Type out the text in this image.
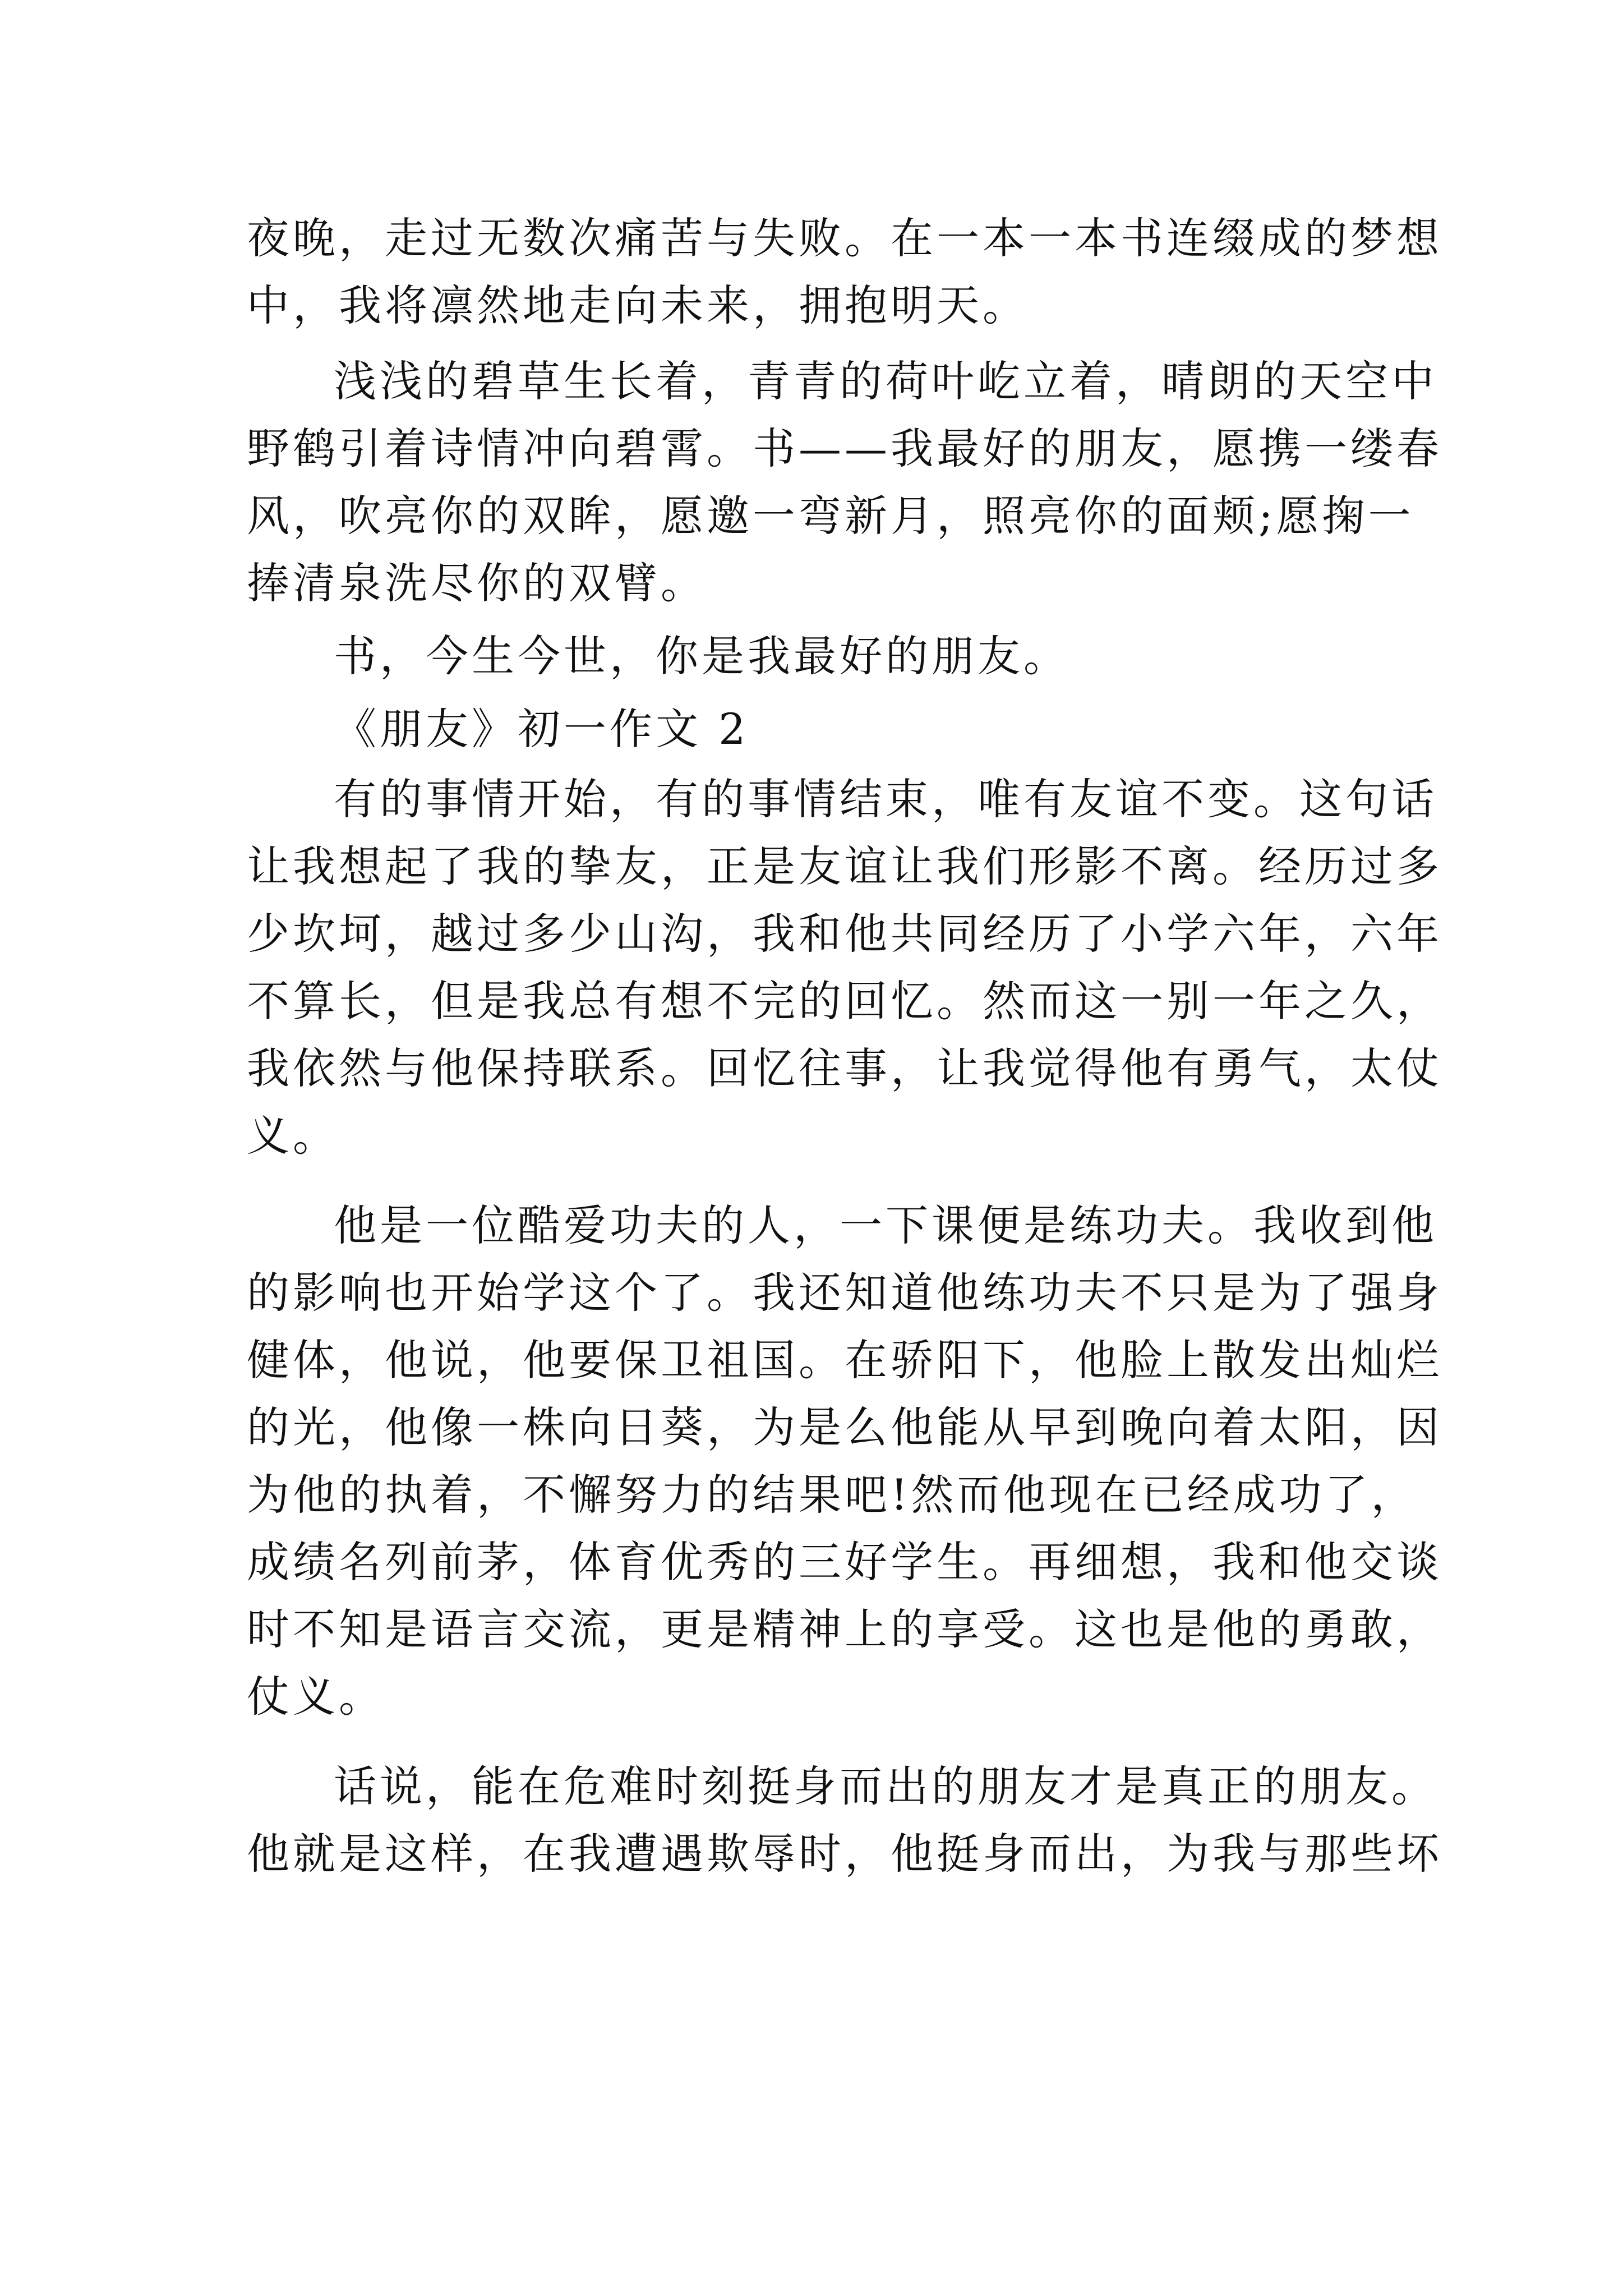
夜晚，走过无数次痛苦与失败。在一本一本书连缀成的梦想
中，我将凛然地走向未来，拥抱明天。
浅浅的碧草生长着，青青的荷叶屹立着，晴朗的天空中
野鹤引着诗情冲向碧霄。书——我最好的朋友，愿携一缕春
风，吹亮你的双眸，愿邀一弯新月，照亮你的面颊;愿掬一
捧清泉洗尽你的双臂。
书，今生今世，你是我最好的朋友。
《朋友》初一作文 2
有的事情开始，有的事情结束，唯有友谊不变。这句话
让我想起了我的挚友，正是友谊让我们形影不离。经历过多
少坎坷，越过多少山沟，我和他共同经历了小学六年，六年
不算长，但是我总有想不完的回忆。然而这一别一年之久，
我依然与他保持联系。回忆往事，让我觉得他有勇气，太仗
义。
他是一位酷爱功夫的人，一下课便是练功夫。我收到他
的影响也开始学这个了。我还知道他练功夫不只是为了强身
健体，他说，他要保卫祖国。在骄阳下，他脸上散发出灿烂
的光，他像一株向日葵，为是么他能从早到晚向着太阳，因
为他的执着，不懈努力的结果吧!然而他现在已经成功了，
成绩名列前茅，体育优秀的三好学生。再细想，我和他交谈
时不知是语言交流，更是精神上的享受。这也是他的勇敢，
仗义。
话说，能在危难时刻挺身而出的朋友才是真正的朋友。
他就是这样，在我遭遇欺辱时，他挺身而出，为我与那些坏
